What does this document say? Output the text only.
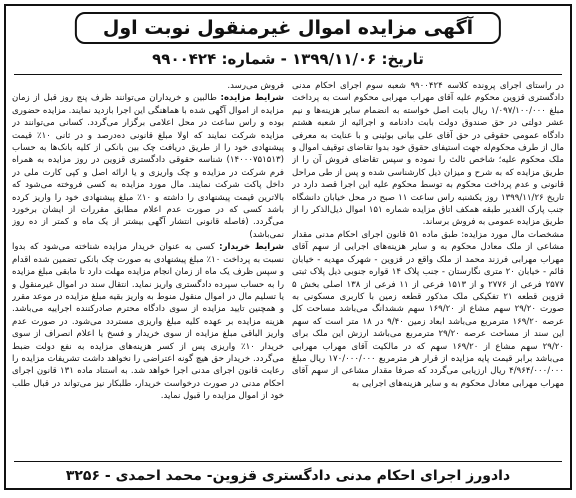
آگهی مزایده اموال غیرمنقول نوبت اول
تاریخ: ۱۳۹۹/۱۱/۰۶ - شماره: ۹۹۰۰۴۲۴

در راستای اجرای پرونده کلاسه ۹۹۰۰۴۲۴ شعبه سوم اجرای احکام مدنی دادگستری قزوین محکوم علیه آقای مهراب مهرابی محکوم است به پرداخت مبلغ ۱/۰۹۷/۱۰۰/۰۰۰ ریال بابت اصل خواسته به انضمام سایر هزینه‌ها و نیم عشر دولتی در حق صندوق دولت بابت دادنامه و اجرائیه از شعبه هشتم دادگاه عمومی حقوقی در حق آقای علی بیانی بوئینی و با عنایت به معرفی مال از طرف محکوم‌له جهت استیفای حقوق خود بدوا تقاضای توقیف اموال و ملک محکوم علیه؛ شاخص ثالث را نموده و سپس تقاضای فروش آن را از طریق مزایده که به شرح و میزان ذیل کارشناسی شده و پس از طی مراحل قانونی و عدم پرداخت محکوم به توسط محکوم علیه این اجرا قصد دارد در تاریخ ۱۳۹۹/۱۱/۲۶ روز یکشنبه راس ساعت ۱۱ صبح در محل خیابان دانشگاه جنب پارک الغدیر طبقه همکف اتاق مزایده شماره ۱۵۱ اموال ذیل‌الذکر را از طریق مزایده عمومی به فروش برساند.

مشخصات مال مورد مزایده: طبق ماده ۵۱ قانون اجرای احکام مدنی مقدار مشاعی از ملک معادل محکوم به و سایر هزینه‌های اجرایی از سهم آقای مهراب مهرابی فرزند محمد از ملک واقع در قزوین - شهرک مهدیه - خیابان قائم - خیابان ۲۰ متری نگارستان - جنب پلاک ۱۴ قواره جنوبی ذیل پلاک ثبتی ۲۵۷۷ فرعی از ۲۷۷۶ و از ۱۵۱۳ فرعی از ۱۱ فرعی از ۱۳۸ اصلی بخش ۵ قزوین قطعه ۲۱ تفکیکی ملک مذکور قطعه زمین با کاربری مسکونی به صورت ۲۹/۲۰ سهم مشاع از ۱۶۹/۲۰ سهم ششدانگ می‌باشد مساحت کل عرصه ۱۶۹/۲۰ مترمربع می‌باشد ابعاد زمین ۹/۴۰ در ۱۸ متر است که سهم این سند از مساحت عرصه ۲۹/۲۰ مترمربع می‌باشد ارزش این ملک برای ۲۹/۲۰ سهم مشاع از ۱۶۹/۲۰ سهم که در مالکیت آقای مهراب مهرابی می‌باشد برابر قیمت پایه مزایده از قرار هر مترمربع ۱۷۰/۰۰۰/۰۰۰ ریال مبلغ ۴/۹۶۴/۰۰۰/۰۰۰ ریال ارزیابی می‌گردد که صرفا مقدار مشاعی از سهم آقای مهراب مهرابی معادل محکوم به و سایر هزینه‌های اجرایی به

فروش می‌رسد.

شرایط مزایده: طالبین و خریداران می‌توانند ظرف پنج روز قبل از زمان مزایده از اموال آگهی شده با هماهنگی این اجرا بازدید نمایند. مزایده حضوری بوده و راس ساعت در محل اعلامی برگزار می‌گردد. کسانی می‌توانند در مزایده شرکت نمایند که اولا مبلغ قانونی ده‌درصد و در ثانی ۱۰٪ قیمت پیشنهادی خود را از طریق دریافت چک بین بانکی از کلیه بانک‌ها به حساب (۱۴۰۰۰۷۵۱۵۱۳) شناسه حقوقی دادگستری قزوین در روز مزایده به همراه فرم شرکت در مزایده و چک واریزی و یا ارائه اصل و کپی کارت ملی در داخل پاکت شرکت نمایند. مال مورد مزایده به کسی فروخته می‌شود که بالاترین قیمت پیشنهادی را داشته و ۱۰٪ مبلغ پیشنهادی خود را واریز کرده باشد کسی که در صورت عدم اعلام مطابق مقررات از ایشان برخورد می‌گردد. (فاصله قانونی انتشار آگهی بیشتر از یک ماه و کمتر از ده روز نمی‌باشد)

شرایط خریدار: کسی به عنوان خریدار مزایده شناخته می‌شود که بدوا نسبت به پرداخت ۱۰٪ مبلغ پیشنهادی به صورت چک بانکی تضمین شده اقدام و سپس ظرف یک ماه از زمان انجام مزایده مهلت دارد تا ما‌بقی مبلغ مزایده را به حساب سپرده دادگستری واریز نماید. انتقال سند در اموال غیرمنقول و یا تسلیم مال در اموال منقول منوط به واریز بقیه مبلغ مزایده در موعد مقرر و همچنین تایید مزایده از سوی دادگاه محترم صادرکننده اجراییه می‌باشد. هزینه مزایده بر عهده کلیه مبلغ واریزی مستردد می‌شود. در صورت عدم واریز الباقی مبلغ مزایده از سوی خریدار و فسخ یا اعلام انصراف از سوی خریدار ۱۰٪ واریزی پس از کسر هزینه‌های مزایده به نفع دولت ضبط می‌گردد. خریدار حق هیچ گونه اعتراضی را نخواهد داشت تشریفات مزایده را رعایت قانون اجرای مدنی اجرا خواهد شد. به استناد ماده ۱۳۱ قانون اجرای احکام مدنی در صورت درخواست خریدار، طلبکار نیز می‌تواند در قبال طلب خود از اموال مزایده را قبول نماید.

دادورز اجرای احکام مدنی دادگستری قزوین- محمد احمدی - ۳۲۵۶
